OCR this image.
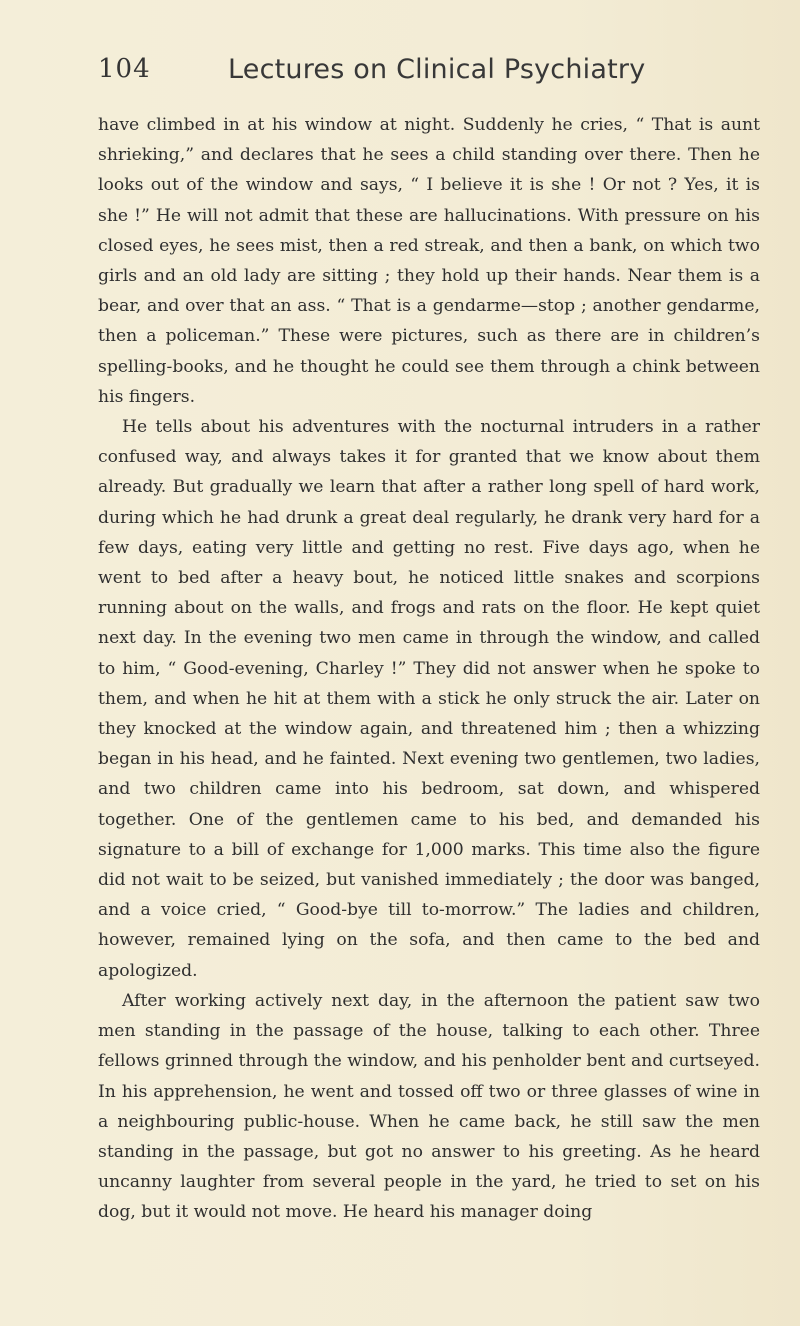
104	Lectures on Clinical Psychiatry

have climbed in at his window at night. Suddenly he cries, “ That is aunt shrieking,” and declares that he sees a child standing over there. Then he looks out of the window and says, “ I believe it is she ! Or not ? Yes, it is she !” He will not admit that these are hallucinations. With pressure on his closed eyes, he sees mist, then a red streak, and then a bank, on which two girls and an old lady are sitting ; they hold up their hands. Near them is a bear, and over that an ass. “ That is a gendarme—stop ; another gendarme, then a policeman.” These were pictures, such as there are in children’s spelling-books, and he thought he could see them through a chink between his fingers.

He tells about his adventures with the nocturnal intruders in a rather confused way, and always takes it for granted that we know about them already. But gradually we learn that after a rather long spell of hard work, during which he had drunk a great deal regularly, he drank very hard for a few days, eating very little and getting no rest. Five days ago, when he went to bed after a heavy bout, he noticed little snakes and scorpions running about on the walls, and frogs and rats on the floor. He kept quiet next day. In the evening two men came in through the window, and called to him, “ Good-evening, Charley !” They did not answer when he spoke to them, and when he hit at them with a stick he only struck the air. Later on they knocked at the window again, and threatened him ; then a whizzing began in his head, and he fainted. Next evening two gentlemen, two ladies, and two children came into his bedroom, sat down, and whispered together. One of the gentlemen came to his bed, and demanded his signature to a bill of exchange for 1,000 marks. This time also the figure did not wait to be seized, but vanished immediately ; the door was banged, and a voice cried, “ Good-bye till to-morrow.” The ladies and children, however, remained lying on the sofa, and then came to the bed and apologized.

After working actively next day, in the afternoon the patient saw two men standing in the passage of the house, talking to each other. Three fellows grinned through the window, and his penholder bent and curtseyed. In his apprehension, he went and tossed off two or three glasses of wine in a neighbouring public-house. When he came back, he still saw the men standing in the passage, but got no answer to his greeting. As he heard uncanny laughter from several people in the yard, he tried to set on his dog, but it would not move. He heard his manager doing
